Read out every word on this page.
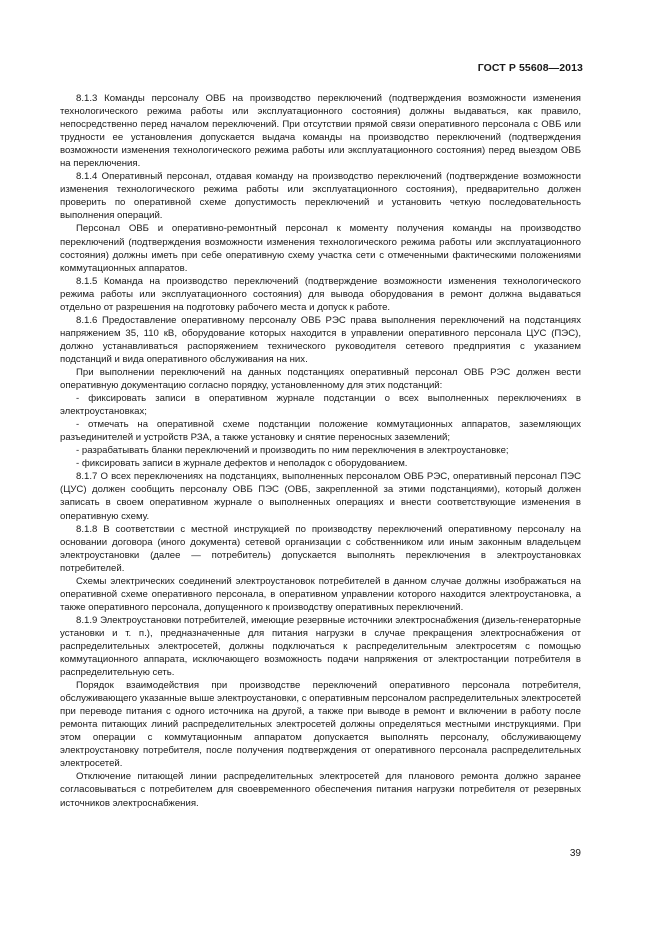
ГОСТ Р 55608—2013

8.1.3 Команды персоналу ОВБ на производство переключений (подтверждения возможности изменения технологического режима работы или эксплуатационного состояния) должны выдаваться, как правило, непосредственно перед началом переключений. При отсутствии прямой связи оперативного персонала с ОВБ или трудности ее установления допускается выдача команды на производство переключений (подтверждения возможности изменения технологического режима работы или эксплуатационного состояния) перед выездом ОВБ на переключения.

8.1.4 Оперативный персонал, отдавая команду на производство переключений (подтверждение возможности изменения технологического режима работы или эксплуатационного состояния), предварительно должен проверить по оперативной схеме допустимость переключений и установить четкую последовательность выполнения операций.

Персонал ОВБ и оперативно-ремонтный персонал к моменту получения команды на производство переключений (подтверждения возможности изменения технологического режима работы или эксплуатационного состояния) должны иметь при себе оперативную схему участка сети с отмеченными фактическими положениями коммутационных аппаратов.

8.1.5 Команда на производство переключений (подтверждение возможности изменения технологического режима работы или эксплуатационного состояния) для вывода оборудования в ремонт должна выдаваться отдельно от разрешения на подготовку рабочего места и допуск к работе.

8.1.6 Предоставление оперативному персоналу ОВБ РЭС права выполнения переключений на подстанциях напряжением 35, 110 кВ, оборудование которых находится в управлении оперативного персонала ЦУС (ПЭС), должно устанавливаться распоряжением технического руководителя сетевого предприятия с указанием подстанций и вида оперативного обслуживания на них.

При выполнении переключений на данных подстанциях оперативный персонал ОВБ РЭС должен вести оперативную документацию согласно порядку, установленному для этих подстанций:

- фиксировать записи в оперативном журнале подстанции о всех выполненных переключениях в электроустановках;

- отмечать на оперативной схеме подстанции положение коммутационных аппаратов, заземляющих разъединителей и устройств РЗА, а также установку и снятие переносных заземлений;

- разрабатывать бланки переключений и производить по ним переключения в электроустановке;

- фиксировать записи в журнале дефектов и неполадок с оборудованием.

8.1.7 О всех переключениях на подстанциях, выполненных персоналом ОВБ РЭС, оперативный персонал ПЭС (ЦУС) должен сообщить персоналу ОВБ ПЭС (ОВБ, закрепленной за этими подстанциями), который должен записать в своем оперативном журнале о выполненных операциях и внести соответствующие изменения в оперативную схему.

8.1.8 В соответствии с местной инструкцией по производству переключений оперативному персоналу на основании договора (иного документа) сетевой организации с собственником или иным законным владельцем электроустановки (далее — потребитель) допускается выполнять переключения в электроустановках потребителей.

Схемы электрических соединений электроустановок потребителей в данном случае должны изображаться на оперативной схеме оперативного персонала, в оперативном управлении которого находится электроустановка, а также оперативного персонала, допущенного к производству оперативных переключений.

8.1.9 Электроустановки потребителей, имеющие резервные источники электроснабжения (дизель-генераторные установки и т. п.), предназначенные для питания нагрузки в случае прекращения электроснабжения от распределительных электросетей, должны подключаться к распределительным электросетям с помощью коммутационного аппарата, исключающего возможность подачи напряжения от электростанции потребителя в распределительную сеть.

Порядок взаимодействия при производстве переключений оперативного персонала потребителя, обслуживающего указанные выше электроустановки, с оперативным персоналом распределительных электросетей при переводе питания с одного источника на другой, а также при выводе в ремонт и включении в работу после ремонта питающих линий распределительных электросетей должны определяться местными инструкциями. При этом операции с коммутационным аппаратом допускается выполнять персоналу, обслуживающему электроустановку потребителя, после получения подтверждения от оперативного персонала распределительных электросетей.

Отключение питающей линии распределительных электросетей для планового ремонта должно заранее согласовываться с потребителем для своевременного обеспечения питания нагрузки потребителя от резервных источников электроснабжения.

39
